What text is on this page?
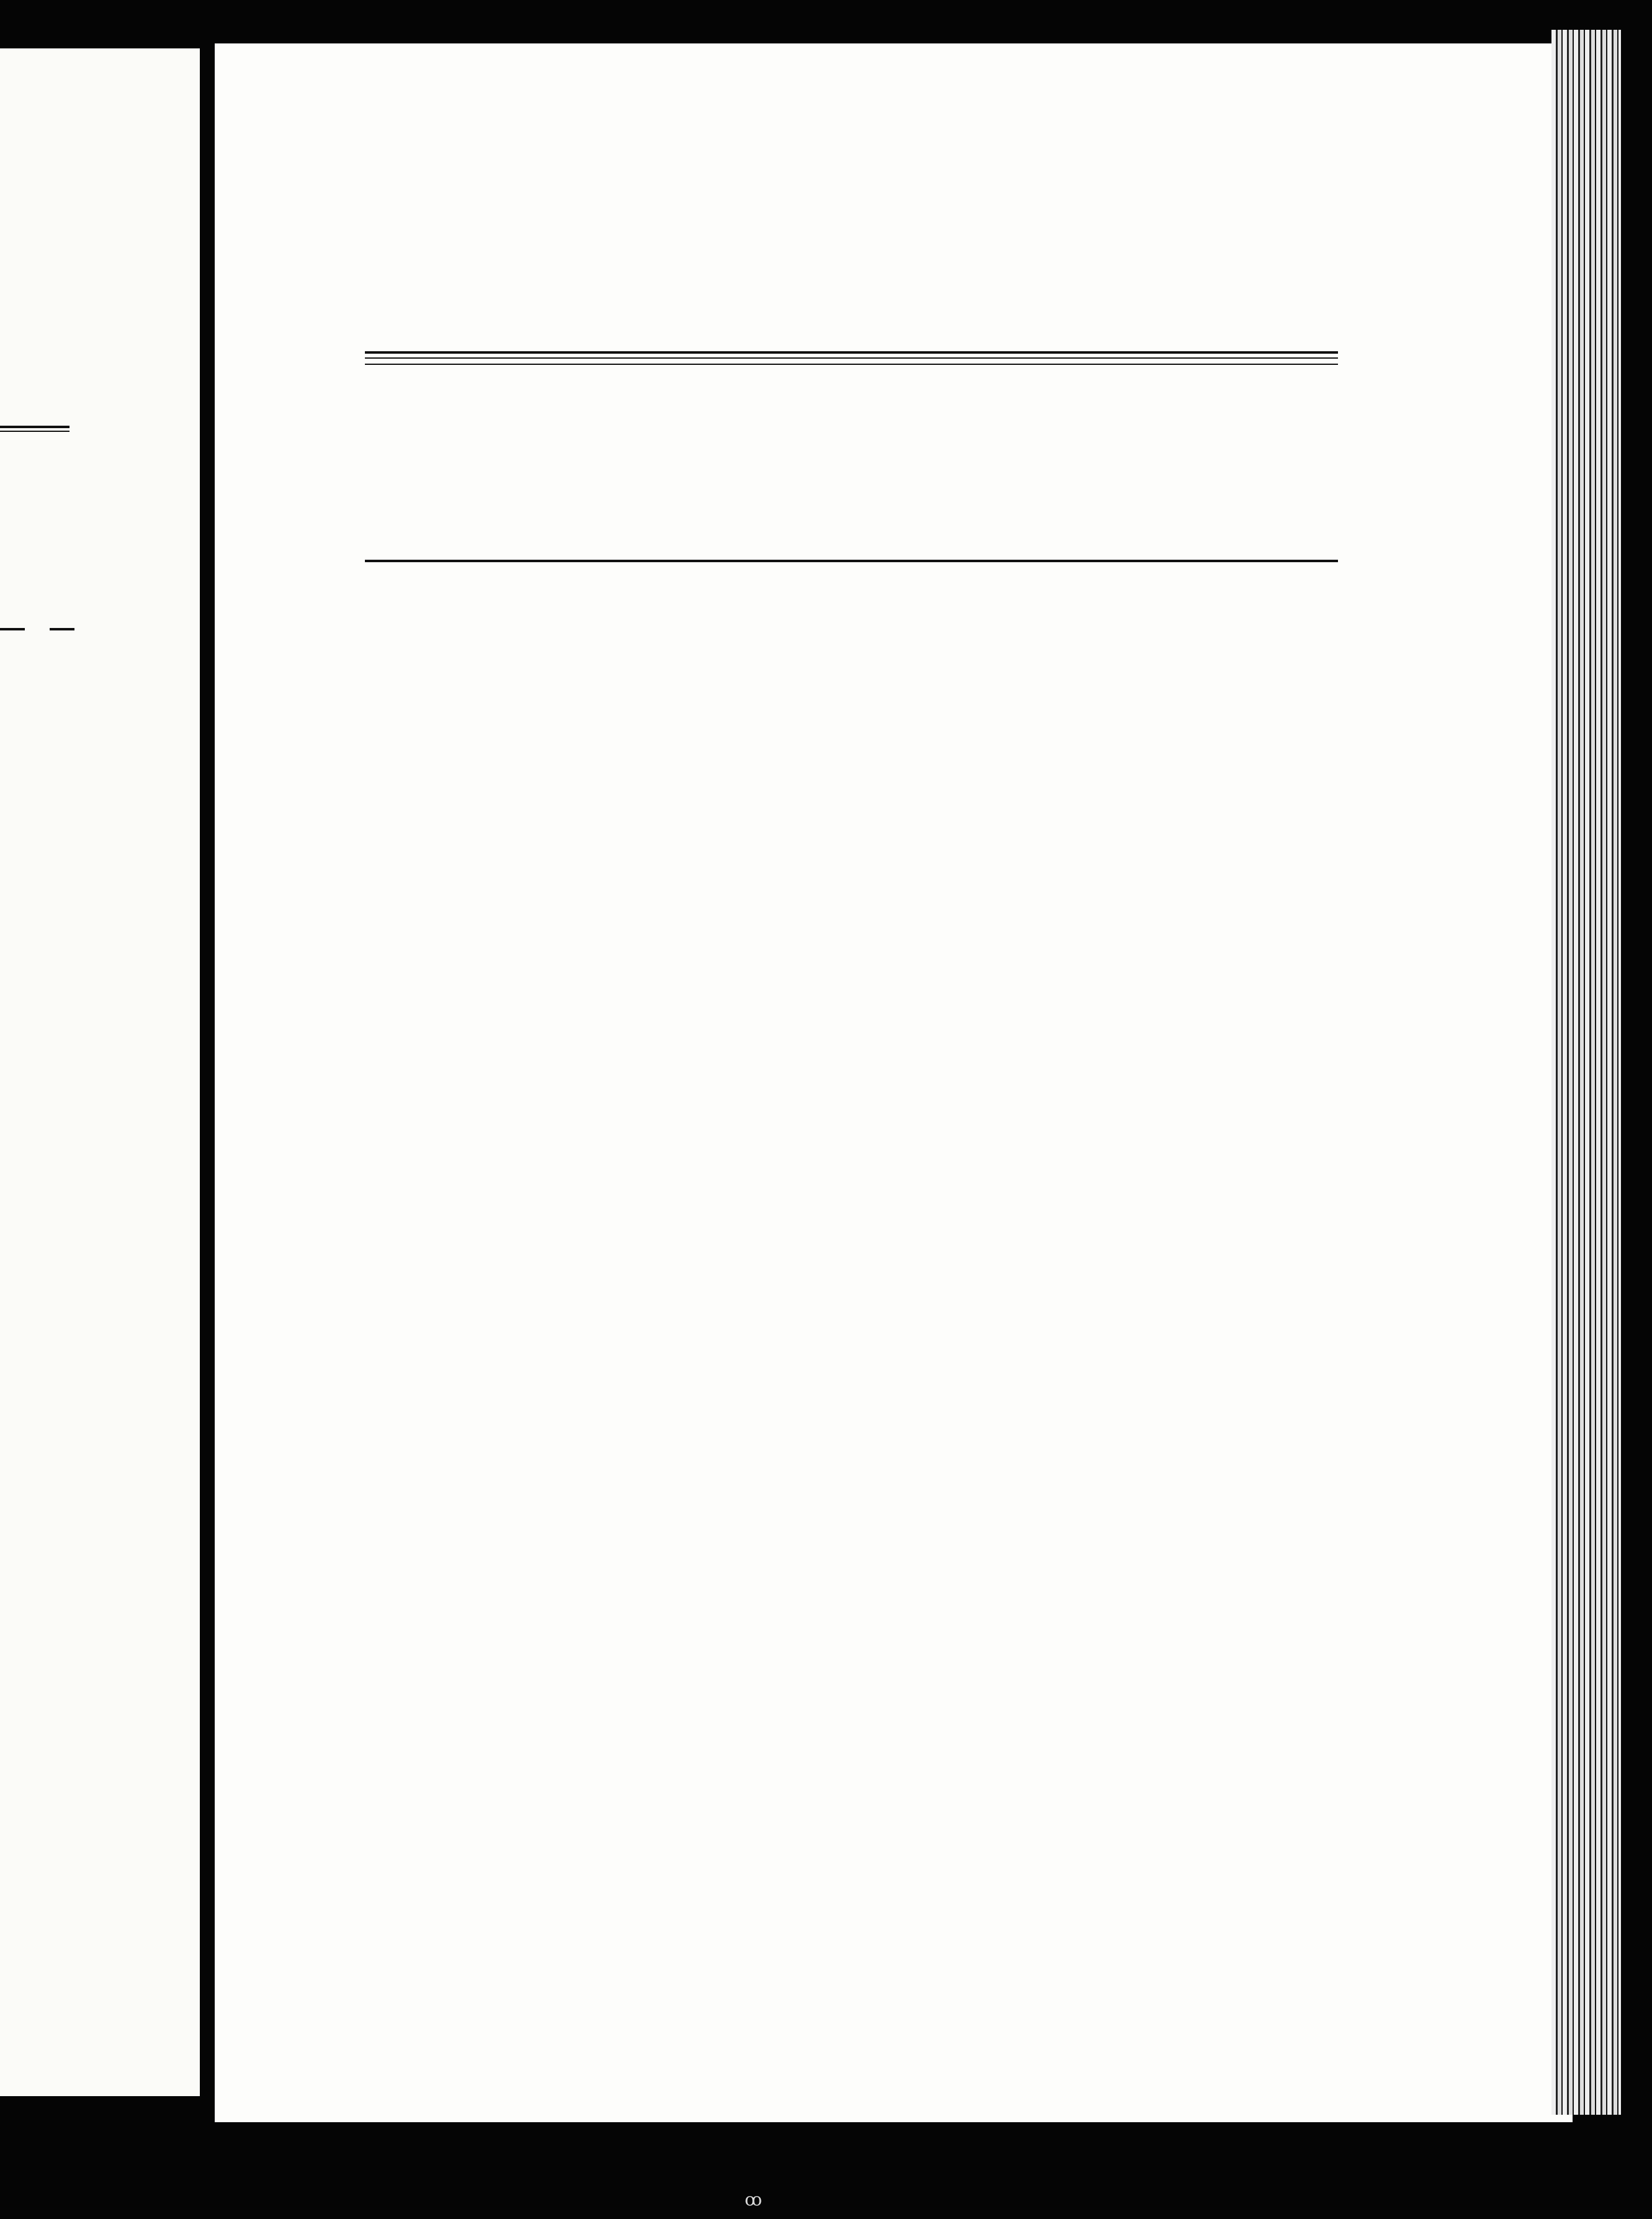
ꝏ
